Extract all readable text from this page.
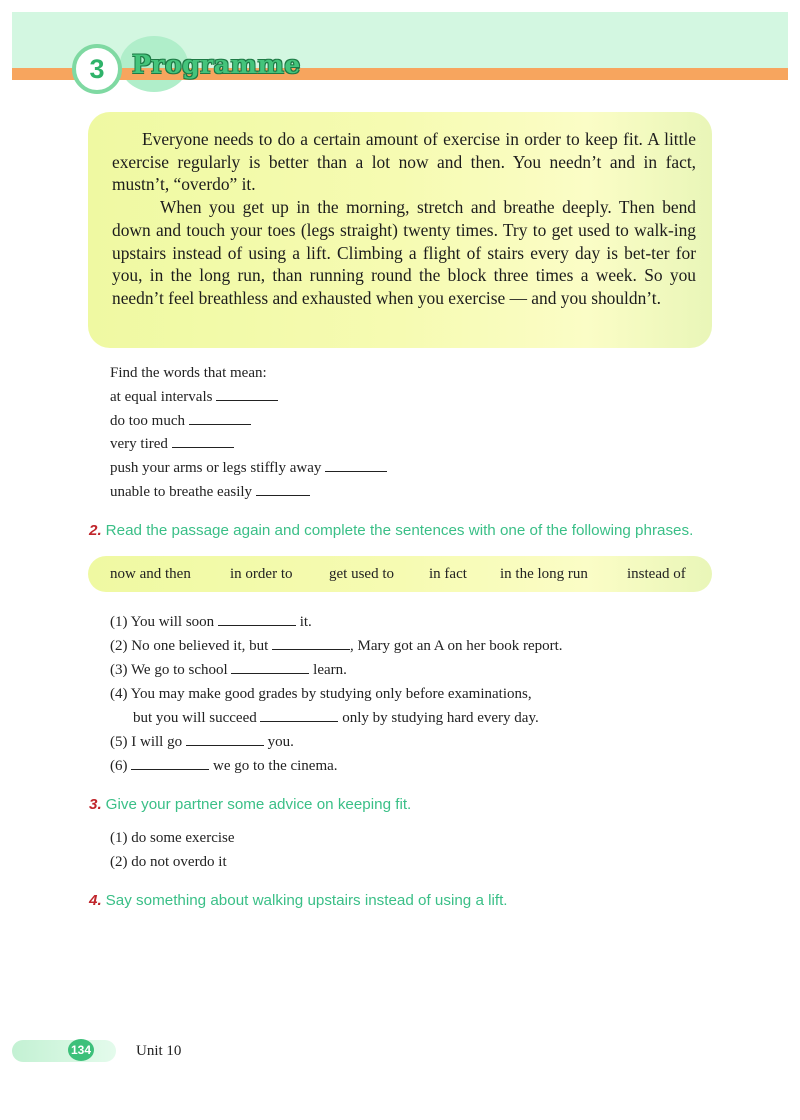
3 Programme

Everyone needs to do a certain amount of exercise in order to keep fit. A little exercise regularly is better than a lot now and then. You needn’t and in fact, mustn’t, “overdo” it.

When you get up in the morning, stretch and breathe deeply. Then bend down and touch your toes (legs straight) twenty times. Try to get used to walk-ing upstairs instead of using a lift. Climbing a flight of stairs every day is bet-ter for you, in the long run, than running round the block three times a week. So you needn’t feel breathless and exhausted when you exercise — and you shouldn’t.

Find the words that mean:
at equal intervals
do too much
very tired
push your arms or legs stiffly away
unable to breathe easily
2. Read the passage again and complete the sentences with one of the following phrases.
now and then	in order to get used to in fact in the long run	instead of
(1) You will soon	it.
(2) No one believed it, but	, Mary got an A on her book report.
(3) We go to school	learn.
(4) You may make good grades by studying only before examinations,
but you will succeed	only by studying hard every day.
(5) I will go	you.
(6)	we go to the cinema.
3. Give your partner some advice on keeping fit.
(1) do some exercise
(2) do not overdo it
4. Say something about walking upstairs instead of using a lift.
134	Unit 10
